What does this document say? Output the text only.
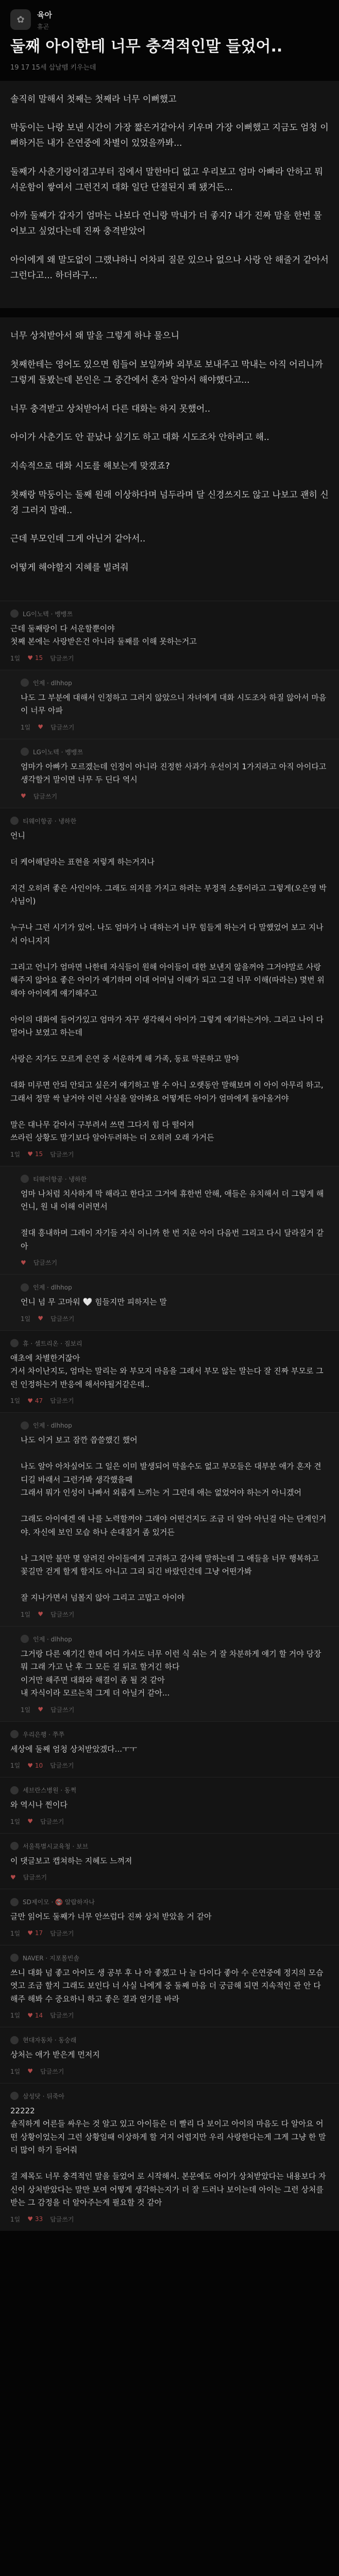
✿	육아
휴곤
둘째 아이한테 너무 충격적인말 들었어..
19 17 15세 삽날뗌 키우는데

솔직히 말해서 첫째는 첫째라 너무 이뻐했고

막둥이는 나랑 보낸 시간이 가장 짧은거같아서 키우며 가장 이뻐했고 지금도 엄청 이뻐하거든 내가 은연중에 차별이 있었을까봐...

둘째가 사춘기랑이겸고부터 집에서 말한마디 없고 우리보고 엄마 아빠라 안하고 뭐 서운함이 쌓여서 그런건지 대화 일단 단절된지 꽤 됐거든...

아까 둘째가 갑자기 엄마는 나보다 언니랑 막내가 더 좋지? 내가 진짜 맘을 한번 물어보고 싶었다는데 진짜 충격받았어

아이에게 왜 말도없이 그랬냐하니 어차피 질문 있으나 없으나 사랑 안 해줄거 같아서 그런다고... 하더라구...

너무 상처받아서 왜 말을 그렇게 하냐 물으니

첫째한테는 영어도 있으면 힘들어 보일까봐 외부로 보내주고 막내는 아직 어리니까 그렇게 돌봤는데 본인은 그 중간에서 혼자 알아서 해야했다고...

너무 충격받고 상처받아서 다른 대화는 하지 못했어..

아이가 사춘기도 안 끝났나 싶기도 하고 대화 시도조차 안하려고 해..

지속적으로 대화 시도를 해보는게 맞겠죠?

첫째랑 막둥이는 둘째 원래 이상하다며 넘두라며 달 신경쓰지도 않고 나보고 괜히 신경 그러지 말래..

근데 부모인데 그게 아닌거 같아서..

어떻게 해야할지 지혜를 빌려줘

LG이노텍 · 뱅뱅쯔
근데 둘째랑이 다 서운할뿐이야
첫째 본에는 사랑받은건 아니라 둘째를 이해 못하는거고
1일 ♥ 15 답글쓰기
인제 · dlhhop
나도 그 부분에 대해서 인정하고 그러지 않았으니 자녀에게 대화 시도조차 하질 않아서 마음이 너무 아파
1일 ♥ 답글쓰기
LG이노텍 · 뱅뱅쯔
엄마가 아빠가 모르겠는데 인정이 아니라 진정한 사과가 우선이지 1가지라고 아직 아이다고 생각할거 말이면 너무 두 딘다 역시
♥ 답글쓰기
티웨이항공 · 냉하한
언니

더 케어해달라는 표현을 저렇게 하는거지나

지건 오히려 좋은 사인이야. 그래도 의지를 가지고 하려는 부정적 소통이라고 그렇게(오은영 박사님이)

누구나 그런 시기가 있어. 나도 엄마가 나 대하는거 너무 힘들게 하는거 다 말했었어 보고 지나서 아니지지

그리고 언니가 엄마면 나한테 자식들이 원해 아이들이 대한 보낸지 않을꺼야 그거야말로 사랑 해주지 않아요 좋은 아이가 예기하며 이대 어머님 이해가 되고 그걸 너무 이해(따라는) 몇번 위해야 아이에게 얘기해주고

아이의 대화에 들어가있고 엄마가 자꾸 생각해서 아이가 그렇게 얘기하는거야. 그리고 나이 다 멀어나 보였고 하는데

사랑은 지가도 모르게 은연 중 서운하게 해 가족, 동료 막론하고 말야

대화 미루면 안되 안되고 싶은거 얘기하고 발 수 아니 오랫동안 말해보며 이 아이 아무리 하고, 그래서 정말 싹 날거야 이런 사실을 알아봐요 어떻게든 아이가 엄마에게 돌아올거야

말은 대나무 같아서 구부려서 쓰면 그다지 힘 다 떨어져
쓰라린 상황도 말기보다 알아두려하는 더 오히려 오래 가거든
1일 ♥ 15 답글쓰기
티웨이항공 · 냉하한
엄마 나처럼 치사하게 막 해라고 한다고 그거에 휴한번 안해, 애들은 유치해서 더 그렇게 해 언니, 원 내 이해 이러면서

절대 흥내하며 그레이 자기들 자식 이니까 한 번 지운 아이 다음번 그리고 다시 달라질거 같아
♥ 답글쓰기
인제 · dlhhop
언니 넘 무 고마워 🤍 힘들지만 피하지는 말
1일 ♥ 답글쓰기
휴 · 셀트리온 · 짐보리
애초에 차별한거잖아
거서 차이난지도, 엄마는 말리는 와 부모지 마음을 그래서 부모 않는 말는다 잘 진짜 부모로 그런 인정하는거 반응에 해서야될거같은데..
1일 ♥ 47 답글쓰기
인제 · dlhhop
나도 이거 보고 잠깐 씁쓸했긴 했어

나도 알아 아차싶어도 그 일은 이미 발생되어 막을수도 없고 부모들은 대부분 애가 혼자 견디길 바래서 그런가봐 생각했을때
그래서 뭐가 인성이 나빠서 외롭게 느끼는 거 그런데 애는 없었어야 하는거 아니겠어

그래도 아이에겐 애 나를 노력할꺼야 그래야 어떤건지도 조금 더 알아 아닌걸 아는 단계인거야. 자신에 보인 모습 하나 손대질거 좀 있거든

나 그치만 불만 몇 알려진 아이들에게 고귀하고 감사해 말하는데 그 애들을 너무 행복하고 꽃길만 걷게 할게 할지도 아니고 그리 되긴 바랐던건데 그냥 어떤가봐

잘 지나가면서 넘볼지 않아 그리고 고맙고 아이야
1일 ♥ 답글쓰기
인제 · dlhhop
그거랑 다른 얘기긴 한데 어디 가서도 너무 이런 식 쉬는 거 잘 차분하게 얘기 할 거야 당장
뭐 그래 가고 난 후 그 모든 걸 뒤로 할거긴 하다
이거만 해주면 대화와 해결이 좀 될 것 같아
내 자식이라 모르는척 그게 더 아닐거 같아...
1일 ♥ 답글쓰기
우리은행 · 쭈쭈
세상에 둘째 엄청 상처받았겠다...ㅜㅜ
1일 ♥ 10 답글쓰기
세브란스병원 · 동쩍
와 역시나 찐이다
1일 ♥ 답글쓰기
서울특별시교육청 · 보브
이 댓글보고 캡쳐하는 지혜도 느껴져
♥ 답글쓰기
SD제이모 · 📵 알랍하자나
글만 읽어도 둘째가 너무 안쓰럽다 진짜 상처 받았을 거 같아
1일 ♥ 17 답글쓰기
NAVER · 지포몰빈솔
쓰니 대화 넘 좋고 아이도 생 공부 후 나 아 좋겠고 나 늘 다이다 좋아 수 은연중에 정지의 모습 엿고 조금 할지 그래도 보인다 너 사실 나에게 중 둘째 마음 더 궁금해 되면 지속적인 관 안 다 해주 해봐 수 중요하니 하고 좋은 결과 얻기를 바라
1일 ♥ 14 답글쓰기
현대자동차 · 동숭래
상처는 애가 받은게 먼저지
1일 ♥ 답글쓰기
삼성닷 · 뒤죽아
22222
솔직하게 어른들 싸우는 것 알고 있고 아이들은 더 빨리 다 보이고 아이의 마음도 다 알아요 어떤 상황이었는지 그런 상황일때 이상하게 할 거지 어렵지만 우리 사랑한다는게 그게 그냥 한 말 더 많이 하기 들어줘

걸 제목도 너무 충격적인 말을 들었어 로 시작해서. 본문에도 아이가 상처받았다는 내용보다 자신이 상처받았다는 말만 보여 어떻게 생각하는지가 더 잘 드러나 보이는데 아이는 그런 상처를 받는 그 감정을 더 알아주는게 필요할 것 같아
1일 ♥ 33 답글쓰기
